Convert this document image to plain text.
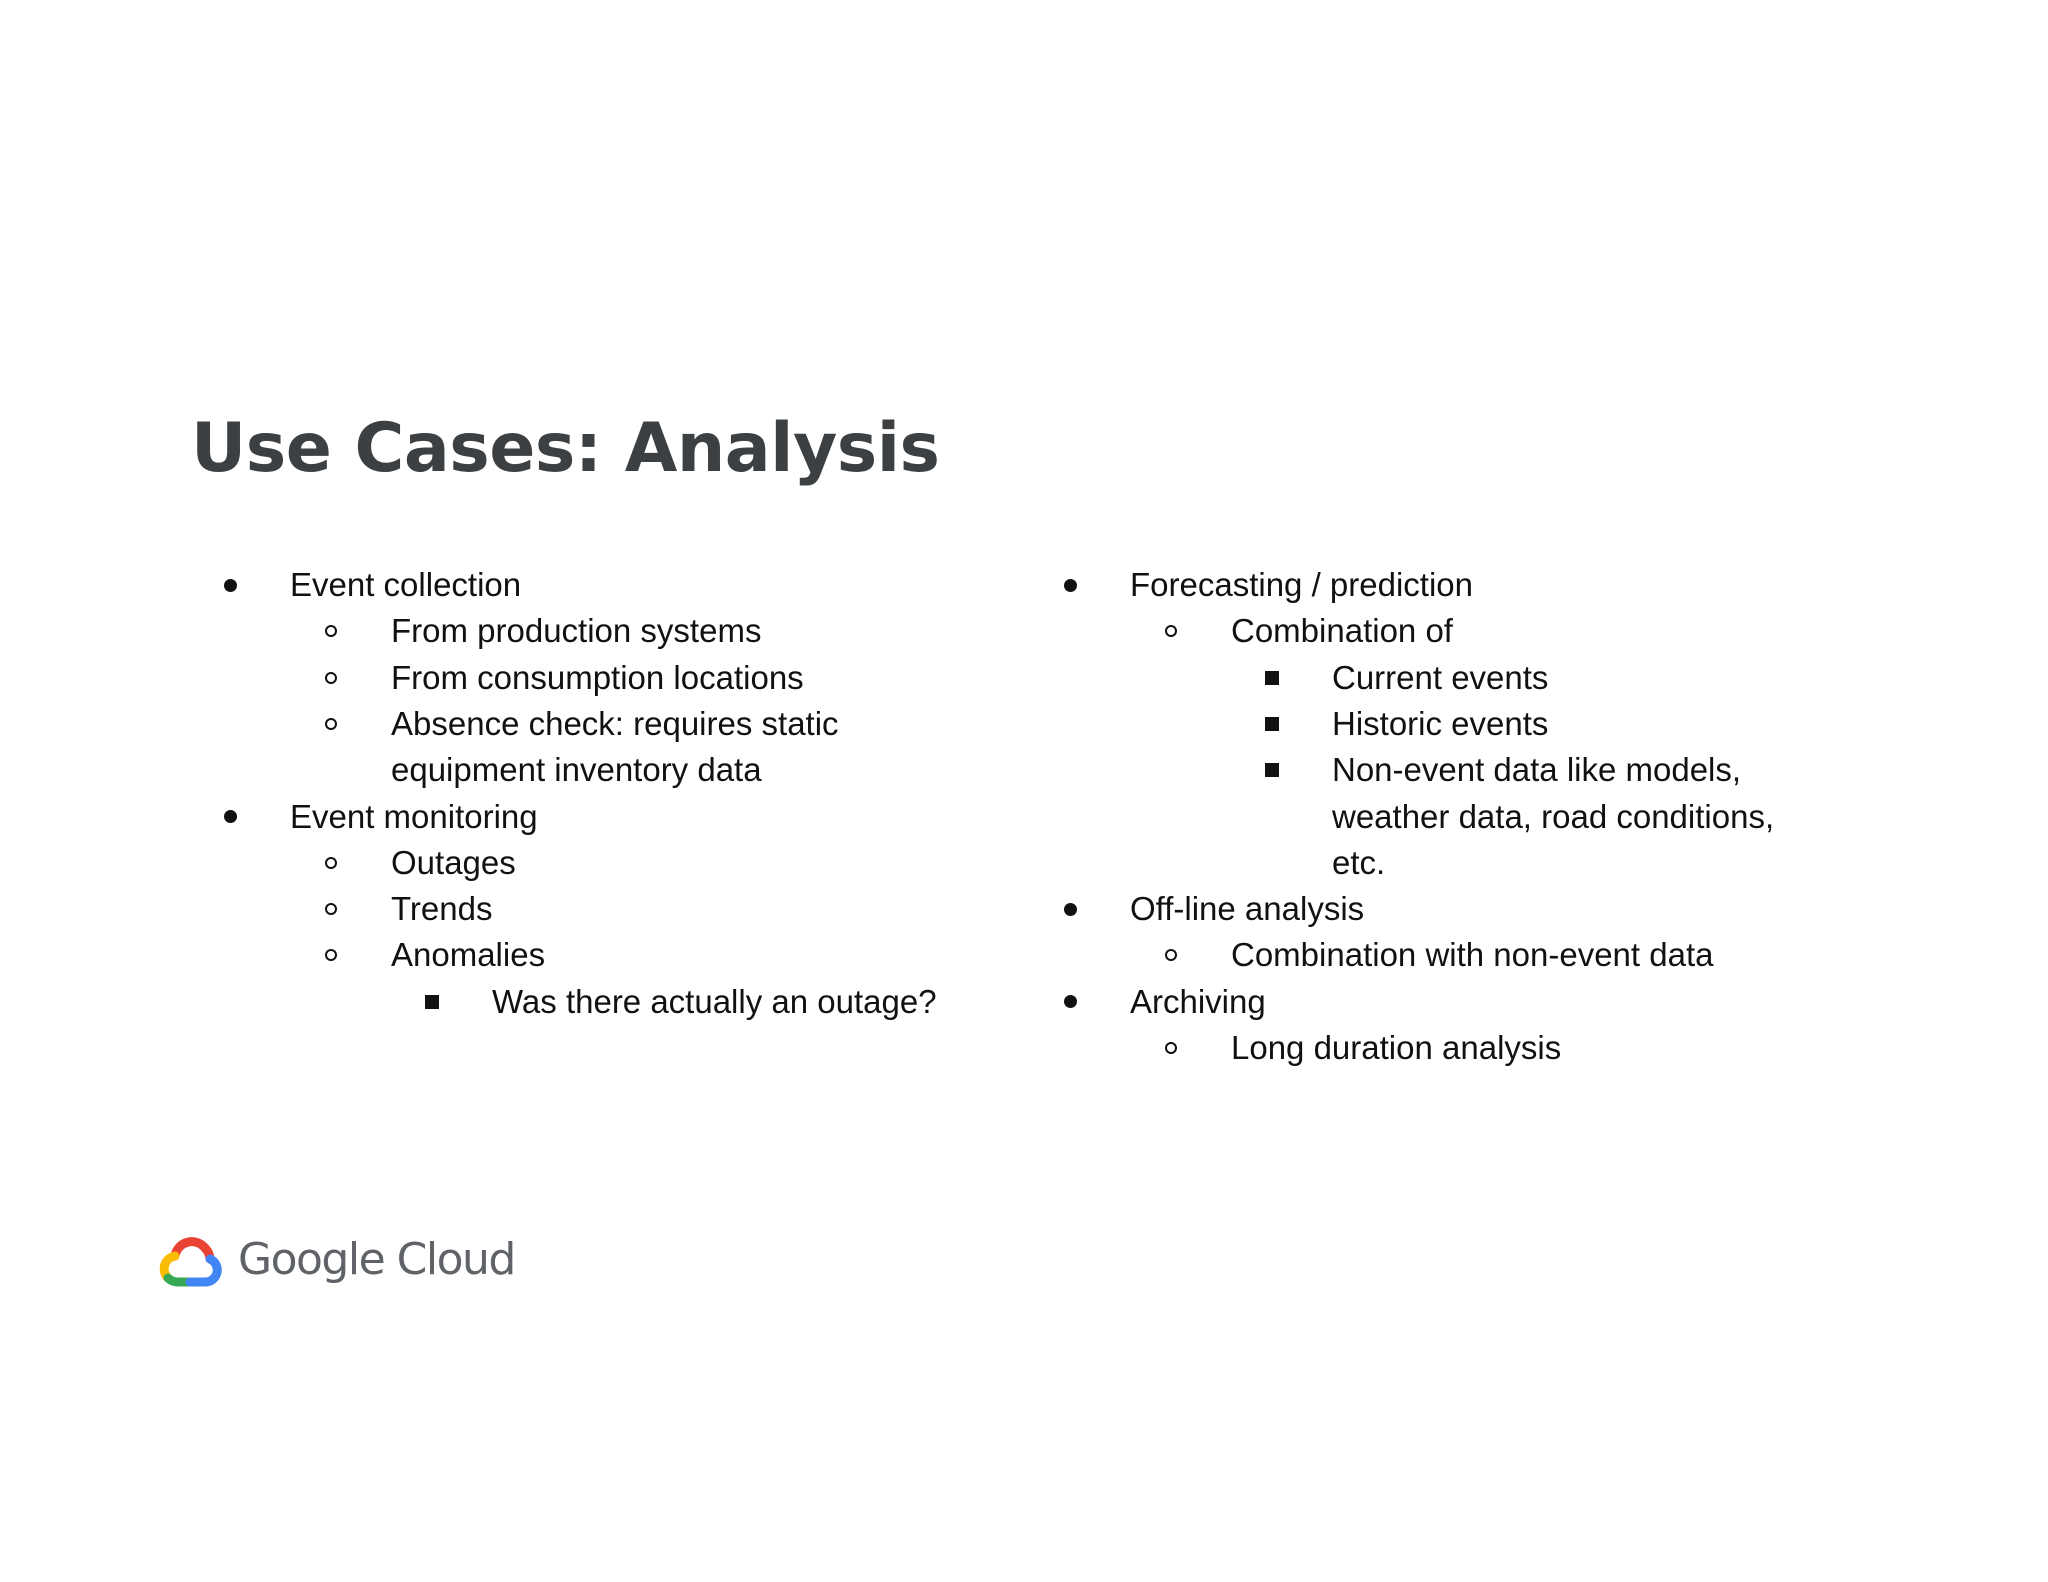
Use Cases: Analysis
Event collection
From production systems
From consumption locations
Absence check: requires static
equipment inventory data
Event monitoring
Outages
Trends
Anomalies
Was there actually an outage?
Forecasting / prediction
Combination of
Current events
Historic events
Non-event data like models,
weather data, road conditions,
etc.
Off-line analysis
Combination with non-event data
Archiving
Long duration analysis
Google Cloud
